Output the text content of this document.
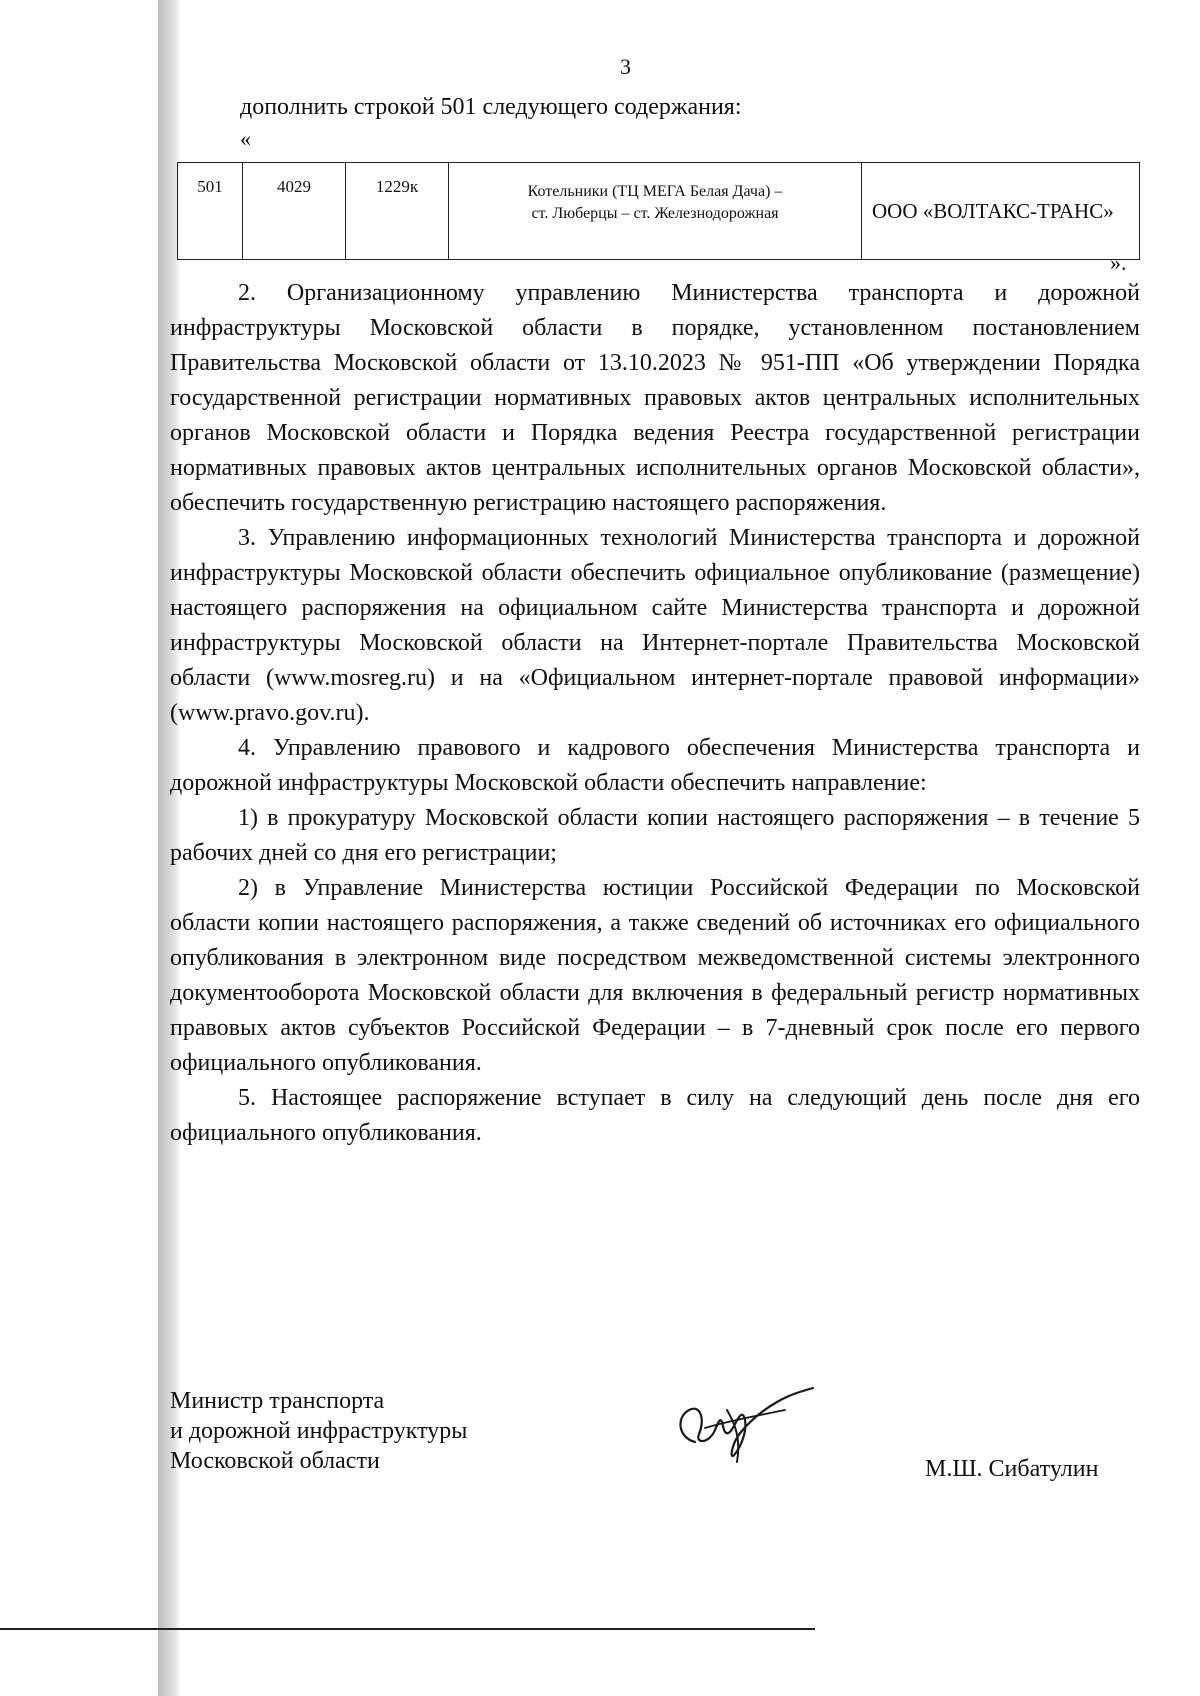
3
дополнить строкой 501 следующего содержания:
«
501	4029	1229к	Котельники (ТЦ МЕГА Белая Дача) –
ст. Люберцы – ст. Железнодорожная	ООО «ВОЛТАКС-ТРАНС»
».

2. Организационному управлению Министерства транспорта и дорожной инфраструктуры Московской области в порядке, установленном постановлением Правительства Московской области от 13.10.2023 № 951-ПП «Об утверждении Порядка государственной регистрации нормативных правовых актов центральных исполнительных органов Московской области и Порядка ведения Реестра государственной регистрации нормативных правовых актов центральных исполнительных органов Московской области», обеспечить государственную регистрацию настоящего распоряжения.

3. Управлению информационных технологий Министерства транспорта и дорожной инфраструктуры Московской области обеспечить официальное опубликование (размещение) настоящего распоряжения на официальном сайте Министерства транспорта и дорожной инфраструктуры Московской области на Интернет-портале Правительства Московской области (www.mosreg.ru) и на «Официальном интернет-портале правовой информации» (www.pravo.gov.ru).

4. Управлению правового и кадрового обеспечения Министерства транспорта и дорожной инфраструктуры Московской области обеспечить направление:

1) в прокуратуру Московской области копии настоящего распоряжения – в течение 5 рабочих дней со дня его регистрации;

2) в Управление Министерства юстиции Российской Федерации по Московской области копии настоящего распоряжения, а также сведений об источниках его официального опубликования в электронном виде посредством межведомственной системы электронного документооборота Московской области для включения в федеральный регистр нормативных правовых актов субъектов Российской Федерации – в 7-дневный срок после его первого официального опубликования.

5. Настоящее распоряжение вступает в силу на следующий день после дня его официального опубликования.

Министр транспорта
и дорожной инфраструктуры
Московской области	М.Ш. Сибатулин
